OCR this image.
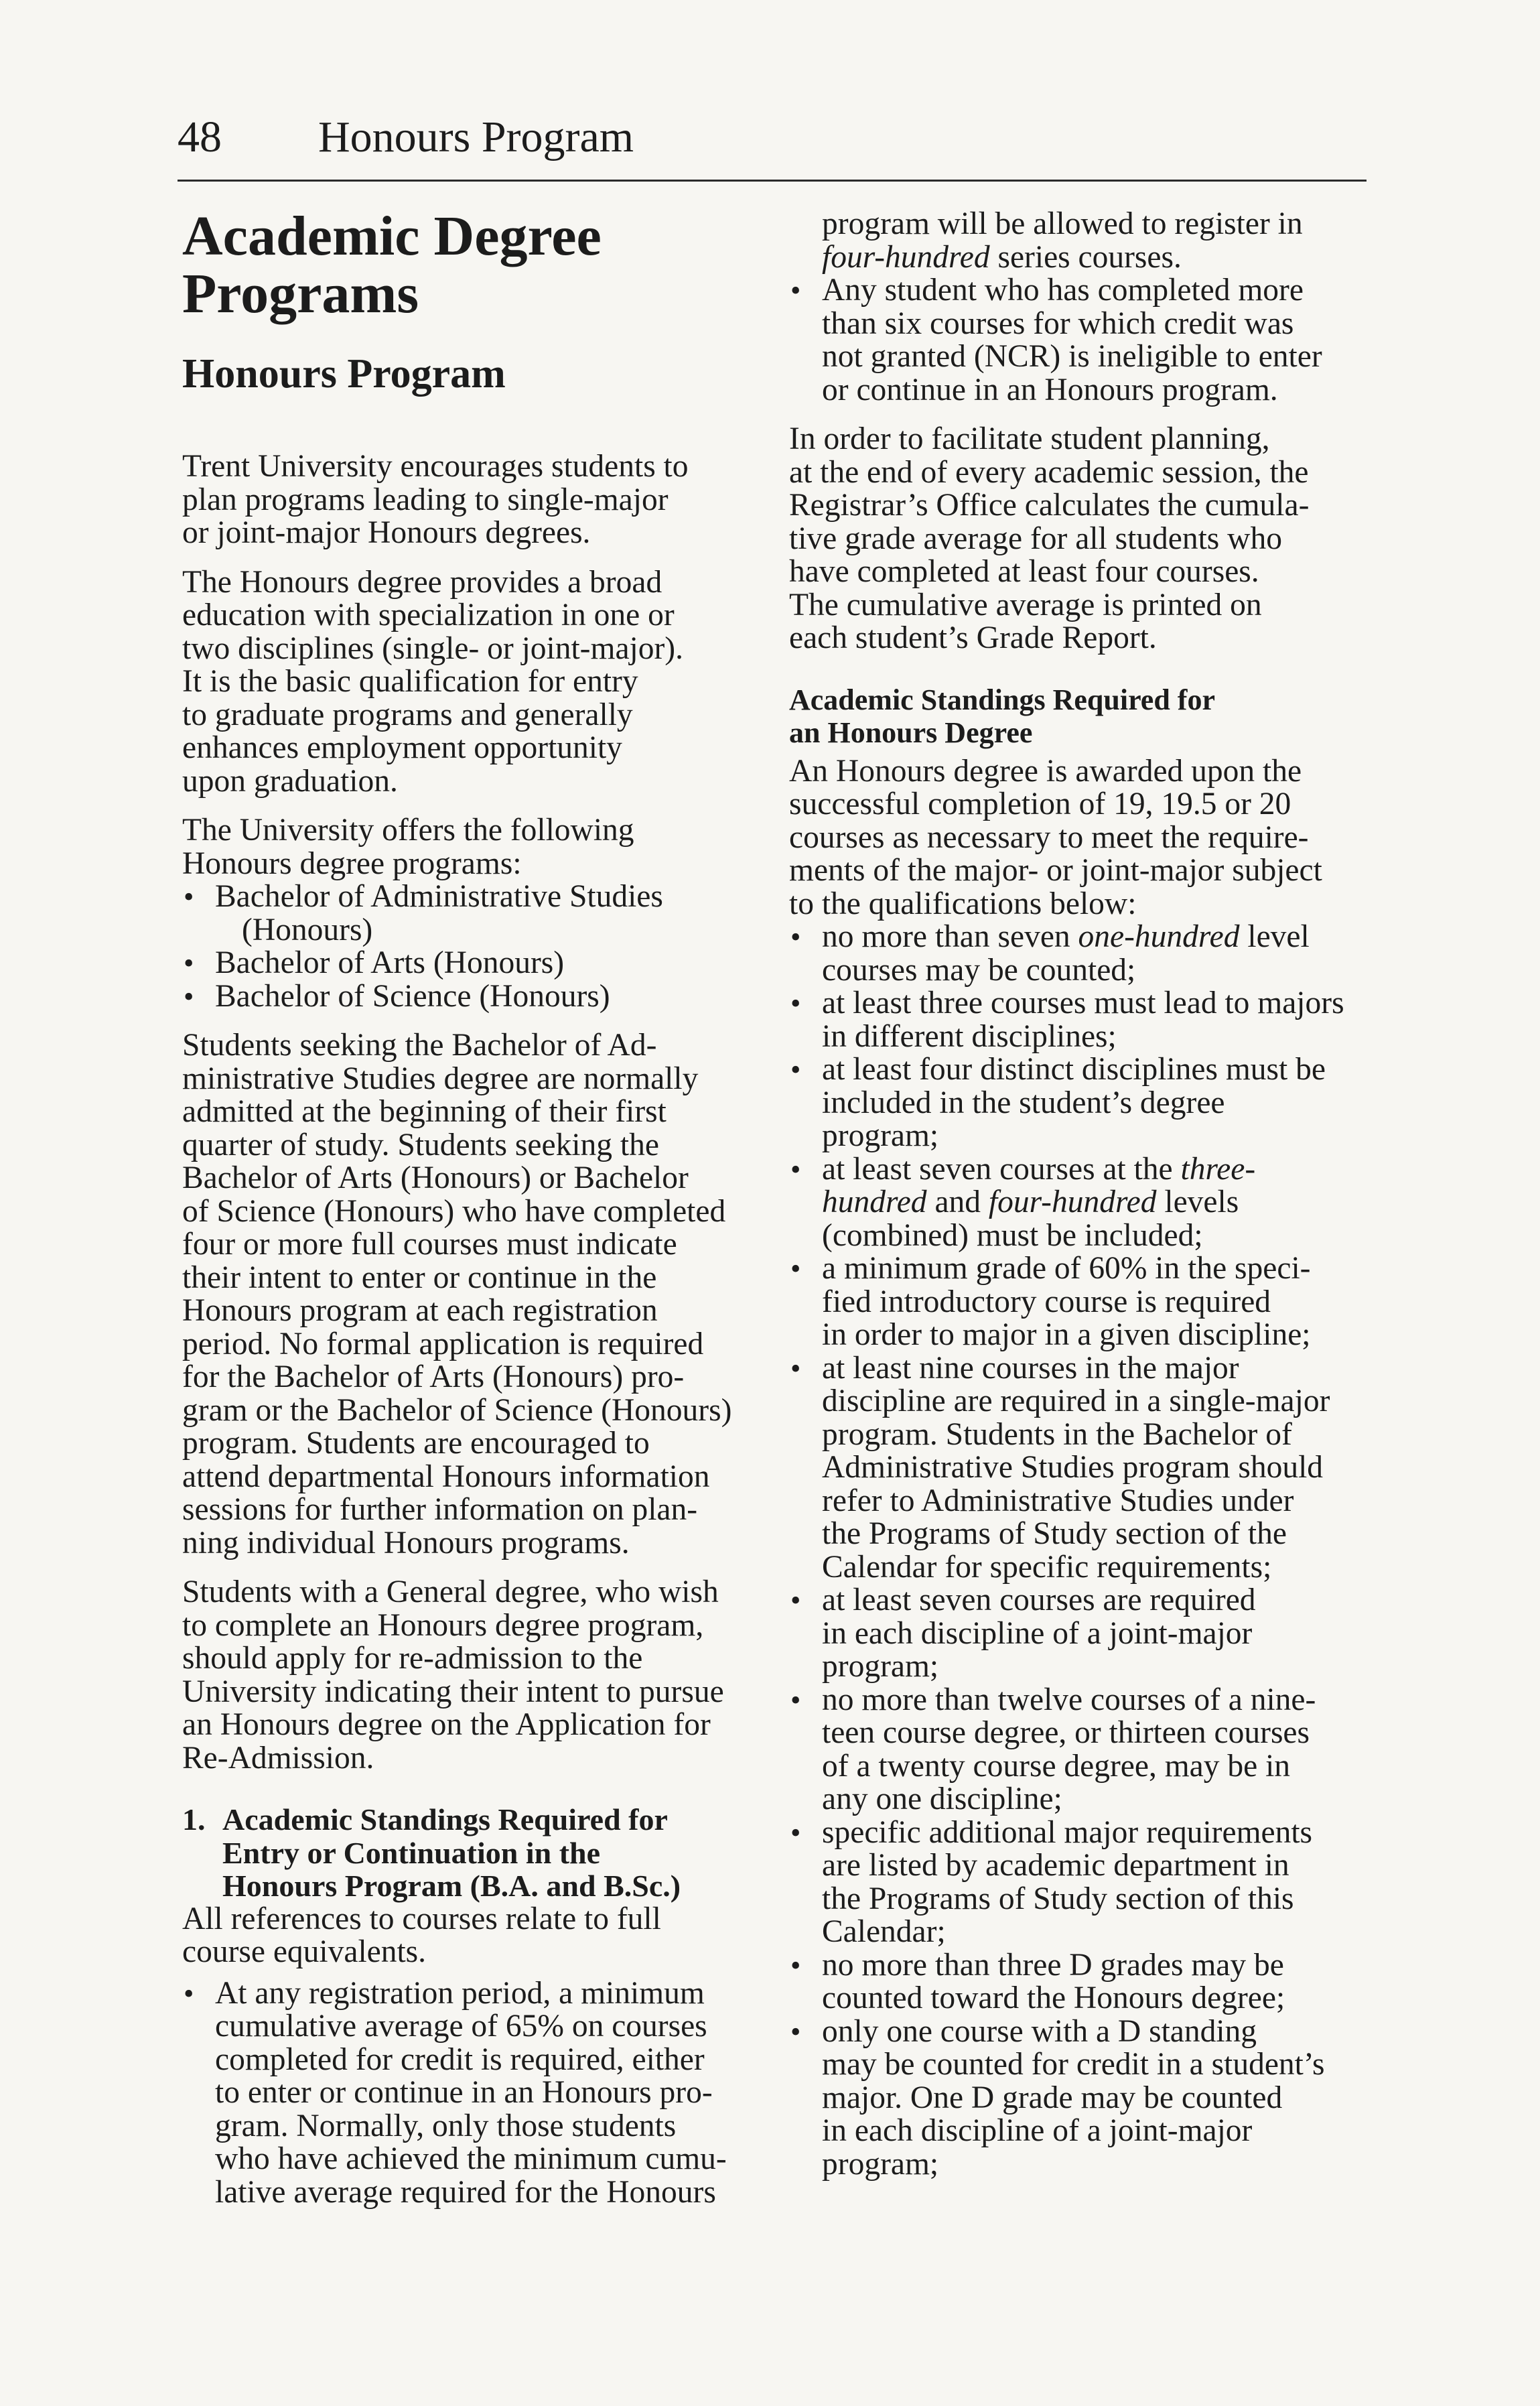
48 Honours Program
Academic Degree
Programs
Honours Program

Trent University encourages students to
plan programs leading to single-major
or joint-major Honours degrees.

The Honours degree provides a broad
education with specialization in one or
two disciplines (single- or joint-major).
It is the basic qualification for entry
to graduate programs and generally
enhances employment opportunity
upon graduation.

The University offers the following
Honours degree programs:

• Bachelor of Administrative Studies
(Honours)
• Bachelor of Arts (Honours)
• Bachelor of Science (Honours)

Students seeking the Bachelor of Ad-
ministrative Studies degree are normally
admitted at the beginning of their first
quarter of study. Students seeking the
Bachelor of Arts (Honours) or Bachelor
of Science (Honours) who have completed
four or more full courses must indicate
their intent to enter or continue in the
Honours program at each registration
period. No formal application is required
for the Bachelor of Arts (Honours) pro-
gram or the Bachelor of Science (Honours)
program. Students are encouraged to
attend departmental Honours information
sessions for further information on plan-
ning individual Honours programs.

Students with a General degree, who wish
to complete an Honours degree program,
should apply for re-admission to the
University indicating their intent to pursue
an Honours degree on the Application for
Re-Admission.

1. Academic Standings Required for
Entry or Continuation in the
Honours Program (B.A. and B.Sc.)

All references to courses relate to full
course equivalents.

• At any registration period, a minimum
cumulative average of 65% on courses
completed for credit is required, either
to enter or continue in an Honours pro-
gram. Normally, only those students
who have achieved the minimum cumu-
lative average required for the Honours
program will be allowed to register in
four-hundred series courses.
• Any student who has completed more
than six courses for which credit was
not granted (NCR) is ineligible to enter
or continue in an Honours program.

In order to facilitate student planning,
at the end of every academic session, the
Registrar’s Office calculates the cumula-
tive grade average for all students who
have completed at least four courses.
The cumulative average is printed on
each student’s Grade Report.

Academic Standings Required for
an Honours Degree

An Honours degree is awarded upon the
successful completion of 19, 19.5 or 20
courses as necessary to meet the require-
ments of the major- or joint-major subject
to the qualifications below:

• no more than seven one-hundred level
courses may be counted;
• at least three courses must lead to majors
in different disciplines;
• at least four distinct disciplines must be
included in the student’s degree
program;
• at least seven courses at the three-
hundred and four-hundred levels
(combined) must be included;
• a minimum grade of 60% in the speci-
fied introductory course is required
in order to major in a given discipline;
• at least nine courses in the major
discipline are required in a single-major
program. Students in the Bachelor of
Administrative Studies program should
refer to Administrative Studies under
the Programs of Study section of the
Calendar for specific requirements;
• at least seven courses are required
in each discipline of a joint-major
program;
• no more than twelve courses of a nine-
teen course degree, or thirteen courses
of a twenty course degree, may be in
any one discipline;
• specific additional major requirements
are listed by academic department in
the Programs of Study section of this
Calendar;
• no more than three D grades may be
counted toward the Honours degree;
• only one course with a D standing
may be counted for credit in a student’s
major. One D grade may be counted
in each discipline of a joint-major
program;
